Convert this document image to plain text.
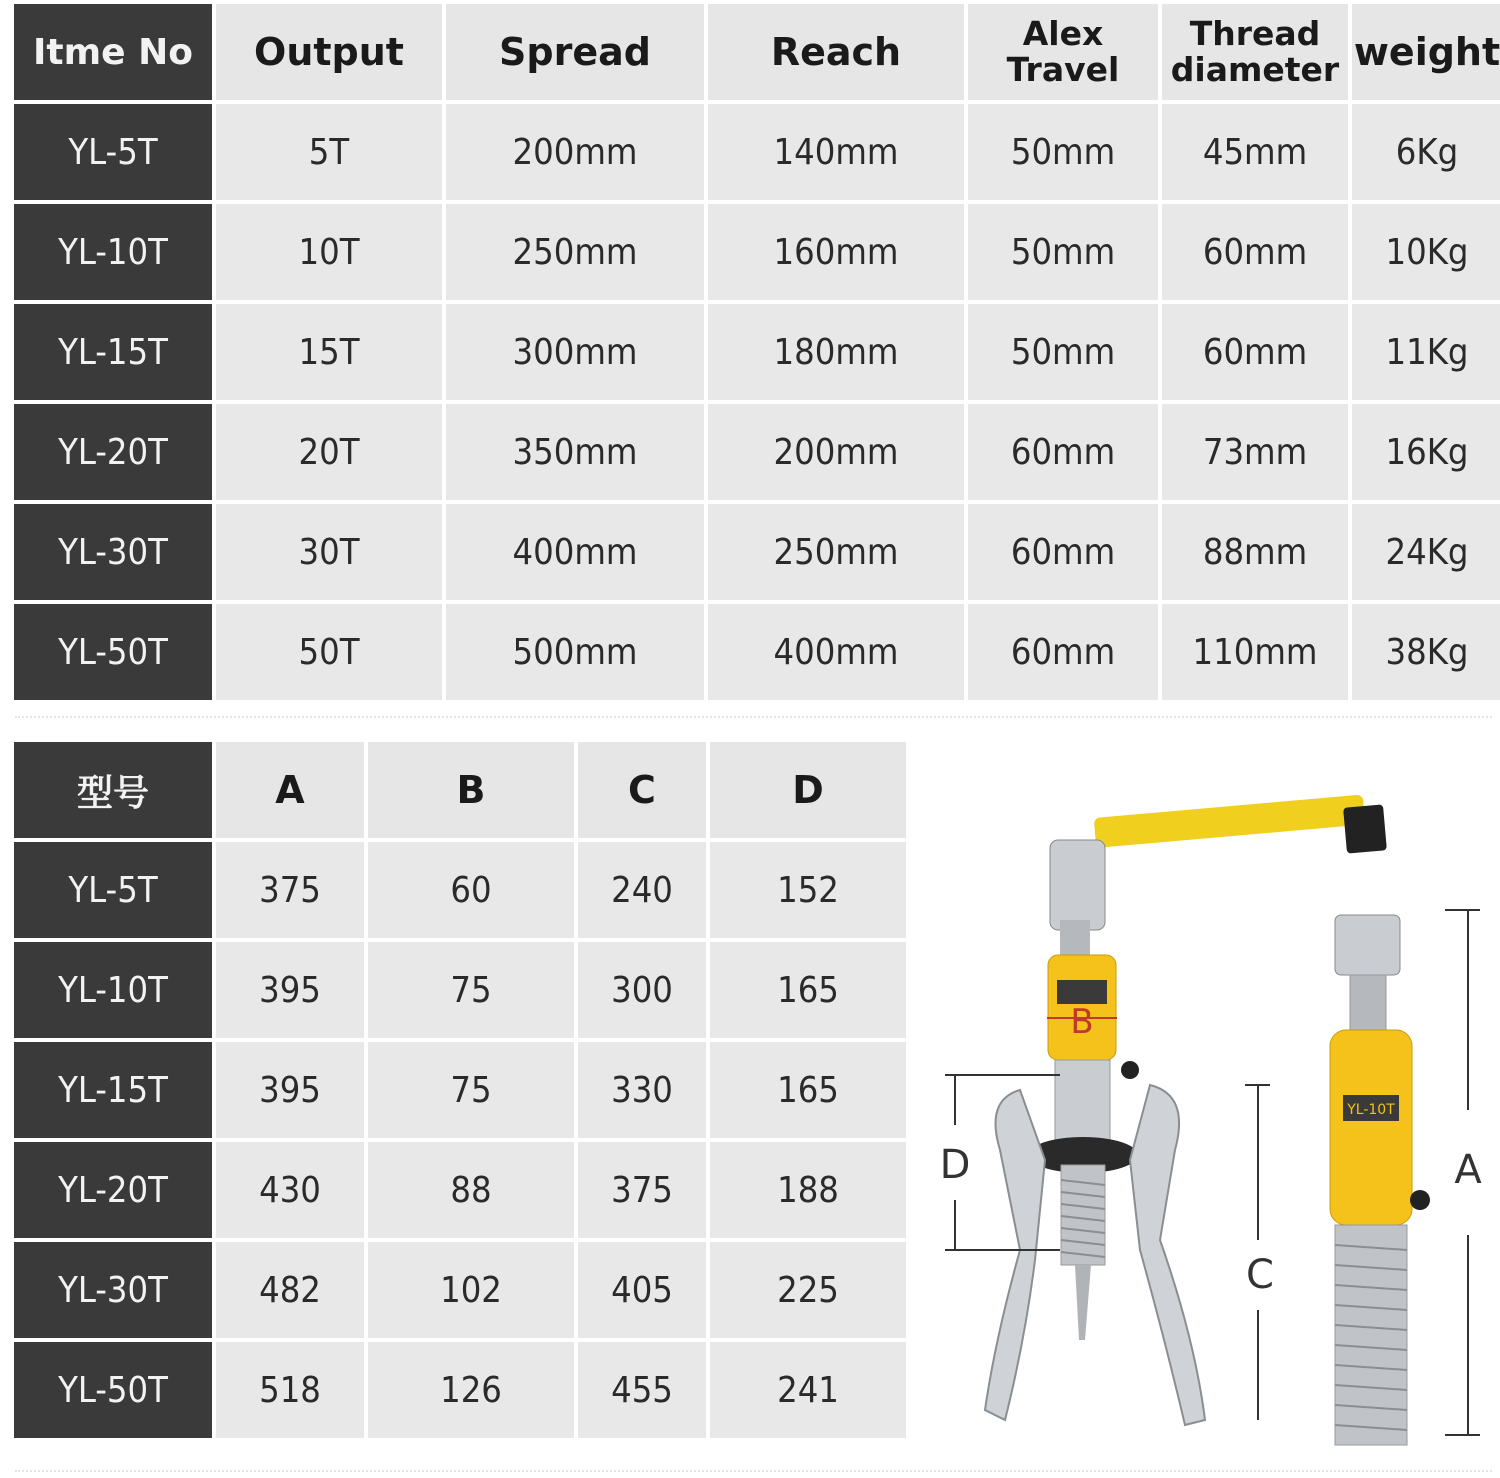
Itme No	Output	Spread	Reach	Alex Travel	Thread diameter	weight
YL-5T	5T	200mm	140mm	50mm	45mm	6Kg
YL-10T	10T	250mm	160mm	50mm	60mm	10Kg
YL-15T	15T	300mm	180mm	50mm	60mm	11Kg
YL-20T	20T	350mm	200mm	60mm	73mm	16Kg
YL-30T	30T	400mm	250mm	60mm	88mm	24Kg
YL-50T	50T	500mm	400mm	60mm	110mm	38Kg
型号	A	B	C	D
YL-5T	375	60	240	152
YL-10T	395	75	300	165
YL-15T	395	75	330	165
YL-20T	430	88	375	188
YL-30T	482	102	405	225
YL-50T	518	126	455	241
B
D
C
YL-10T
A
